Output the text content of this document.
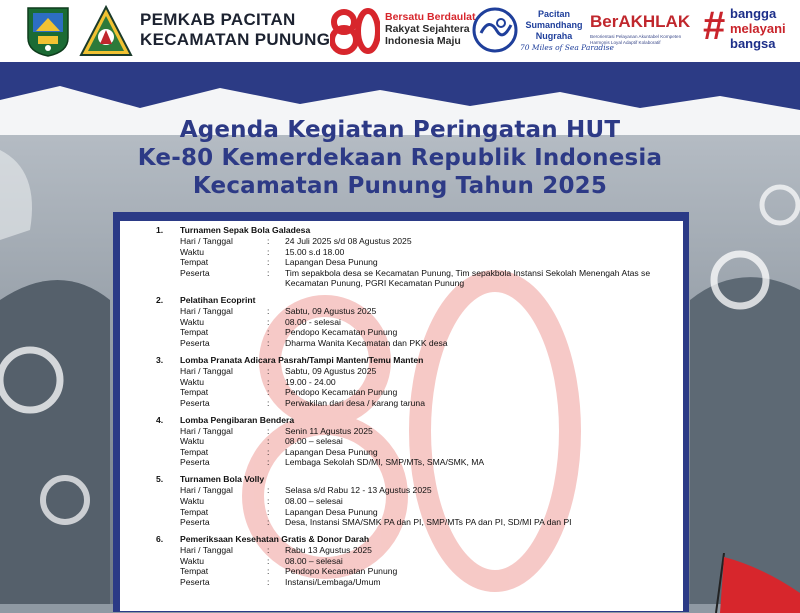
PEMKAB PACITAN
KECAMATAN PUNUNG
Bersatu Berdaulat
Rakyat Sejahtera
Indonesia Maju
Pacitan
Sumandhang
Nugraha
70 Miles of Sea Paradise
BerAKHLAK
Berorientasi Pelayanan Akuntabel Kompeten Harmonis Loyal Adaptif Kolaboratif	# bangga
melayani
bangsa
Agenda Kegiatan Peringatan HUT
Ke-80 Kemerdekaan Republik Indonesia
Kecamatan Punung Tahun 2025
1. Turnamen Sepak Bola Galadesa
Hari / Tanggal	: 24 Juli 2025 s/d 08 Agustus 2025
Waktu	: 15.00 s.d 18.00
Tempat	: Lapangan Desa Punung
Peserta	: Tim sepakbola desa se Kecamatan Punung, Tim sepakbola Instansi Sekolah Menengah Atas se Kecamatan Punung, PGRI Kecamatan Punung
2. Pelatihan Ecoprint
Hari / Tanggal	: Sabtu, 09 Agustus 2025
Waktu	: 08.00 - selesai
Tempat	: Pendopo Kecamatan Punung
Peserta	: Dharma Wanita Kecamatan dan PKK desa
3. Lomba Pranata Adicara Pasrah/Tampi Manten/Temu Manten
Hari / Tanggal	: Sabtu, 09 Agustus 2025
Waktu	: 19.00 - 24.00
Tempat	: Pendopo Kecamatan Punung
Peserta	: Perwakilan dari desa / karang taruna
4. Lomba Pengibaran Bendera
Hari / Tanggal	: Senin 11 Agustus 2025
Waktu	: 08.00 – selesai
Tempat	: Lapangan Desa Punung
Peserta	: Lembaga Sekolah SD/MI, SMP/MTs, SMA/SMK, MA
5. Turnamen Bola Volly
Hari / Tanggal	: Selasa s/d Rabu 12 - 13 Agustus 2025
Waktu	: 08.00 – selesai
Tempat	: Lapangan Desa Punung
Peserta	: Desa, Instansi SMA/SMK PA dan PI, SMP/MTs PA dan PI, SD/MI PA dan PI
6. Pemeriksaan Kesehatan Gratis & Donor Darah
Hari / Tanggal	: Rabu 13 Agustus 2025
Waktu	: 08.00 – selesai
Tempat	: Pendopo Kecamatan Punung
Peserta	: Instansi/Lembaga/Umum
